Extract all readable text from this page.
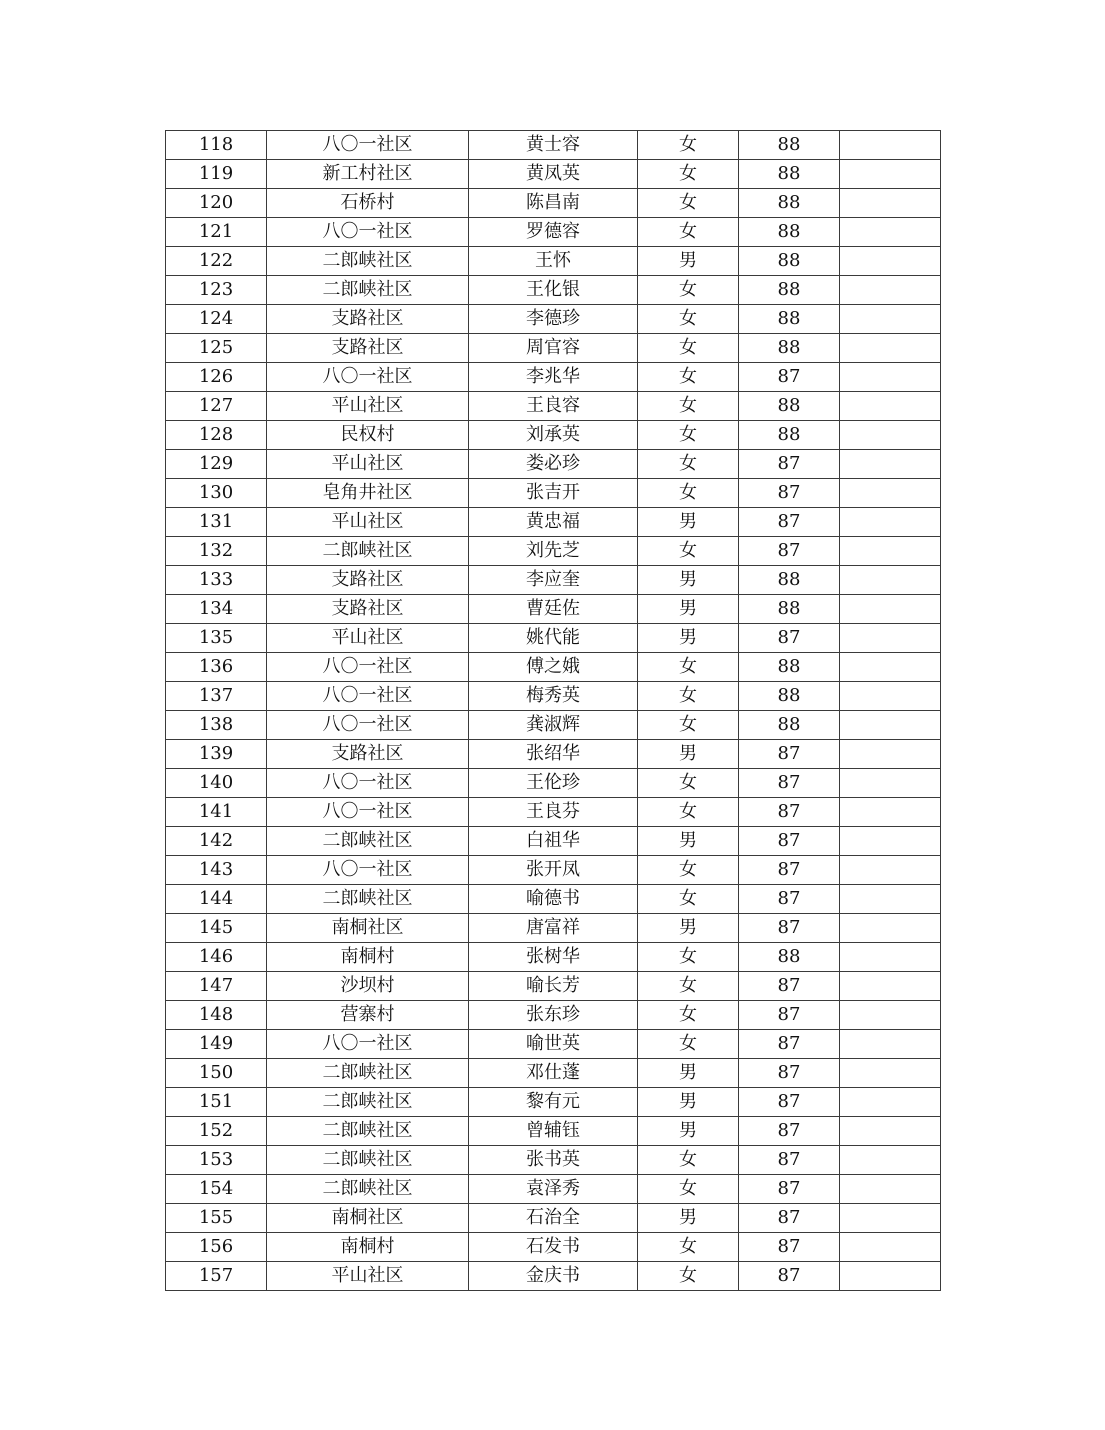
118	八〇一社区	黄士容	女	88	
119	新工村社区	黄凤英	女	88	
120	石桥村	陈昌南	女	88	
121	八〇一社区	罗德容	女	88	
122	二郎峡社区	王怀	男	88	
123	二郎峡社区	王化银	女	88	
124	支路社区	李德珍	女	88	
125	支路社区	周官容	女	88	
126	八〇一社区	李兆华	女	87	
127	平山社区	王良容	女	88	
128	民权村	刘承英	女	88	
129	平山社区	娄必珍	女	87	
130	皂角井社区	张吉开	女	87	
131	平山社区	黄忠福	男	87	
132	二郎峡社区	刘先芝	女	87	
133	支路社区	李应奎	男	88	
134	支路社区	曹廷佐	男	88	
135	平山社区	姚代能	男	87	
136	八〇一社区	傅之娥	女	88	
137	八〇一社区	梅秀英	女	88	
138	八〇一社区	龚淑辉	女	88	
139	支路社区	张绍华	男	87	
140	八〇一社区	王伦珍	女	87	
141	八〇一社区	王良芬	女	87	
142	二郎峡社区	白祖华	男	87	
143	八〇一社区	张开凤	女	87	
144	二郎峡社区	喻德书	女	87	
145	南桐社区	唐富祥	男	87	
146	南桐村	张树华	女	88	
147	沙坝村	喻长芳	女	87	
148	营寨村	张东珍	女	87	
149	八〇一社区	喻世英	女	87	
150	二郎峡社区	邓仕蓬	男	87	
151	二郎峡社区	黎有元	男	87	
152	二郎峡社区	曾辅钰	男	87	
153	二郎峡社区	张书英	女	87	
154	二郎峡社区	袁泽秀	女	87	
155	南桐社区	石治全	男	87	
156	南桐村	石发书	女	87	
157	平山社区	金庆书	女	87	
